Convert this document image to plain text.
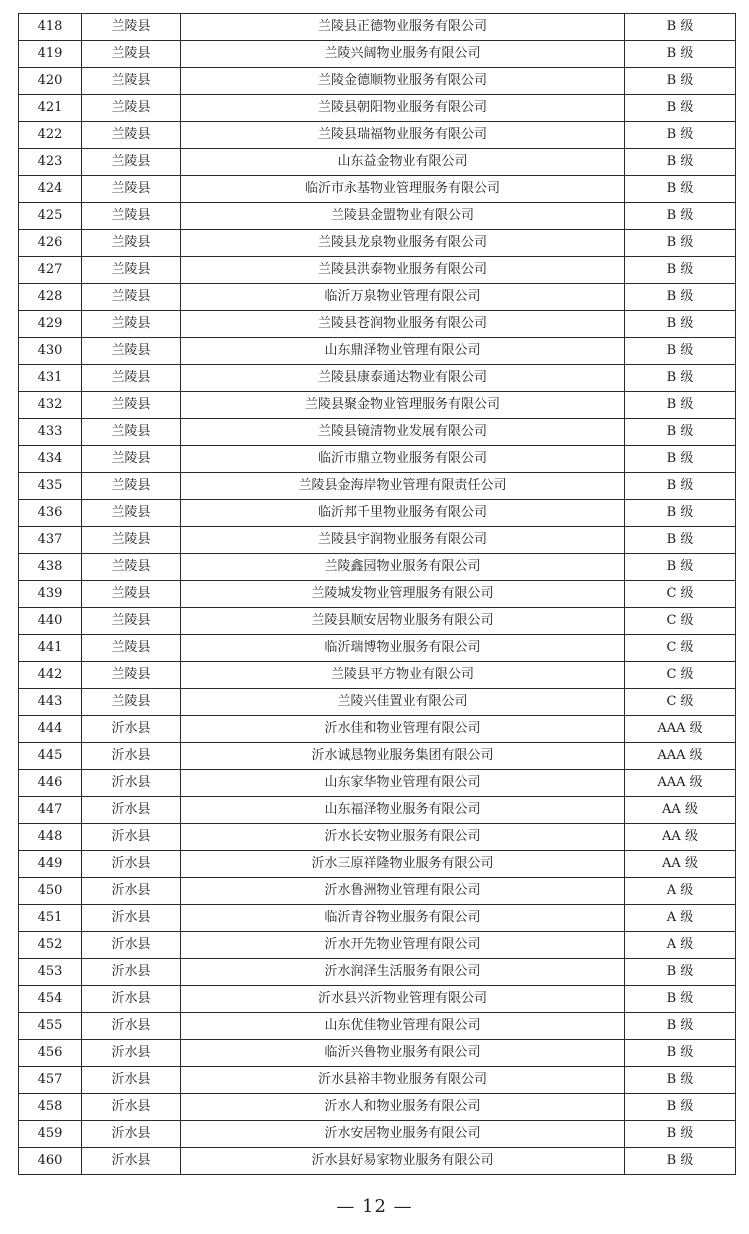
418	兰陵县	兰陵县正德物业服务有限公司	B 级
419	兰陵县	兰陵兴阔物业服务有限公司	B 级
420	兰陵县	兰陵金德顺物业服务有限公司	B 级
421	兰陵县	兰陵县朝阳物业服务有限公司	B 级
422	兰陵县	兰陵县瑞福物业服务有限公司	B 级
423	兰陵县	山东益金物业有限公司	B 级
424	兰陵县	临沂市永基物业管理服务有限公司	B 级
425	兰陵县	兰陵县金盟物业有限公司	B 级
426	兰陵县	兰陵县龙泉物业服务有限公司	B 级
427	兰陵县	兰陵县洪泰物业服务有限公司	B 级
428	兰陵县	临沂万泉物业管理有限公司	B 级
429	兰陵县	兰陵县苍润物业服务有限公司	B 级
430	兰陵县	山东鼎泽物业管理有限公司	B 级
431	兰陵县	兰陵县康泰通达物业有限公司	B 级
432	兰陵县	兰陵县聚金物业管理服务有限公司	B 级
433	兰陵县	兰陵县镜清物业发展有限公司	B 级
434	兰陵县	临沂市鼎立物业服务有限公司	B 级
435	兰陵县	兰陵县金海岸物业管理有限责任公司	B 级
436	兰陵县	临沂邦千里物业服务有限公司	B 级
437	兰陵县	兰陵县宇润物业服务有限公司	B 级
438	兰陵县	兰陵鑫园物业服务有限公司	B 级
439	兰陵县	兰陵城发物业管理服务有限公司	C 级
440	兰陵县	兰陵县顺安居物业服务有限公司	C 级
441	兰陵县	临沂瑞博物业服务有限公司	C 级
442	兰陵县	兰陵县平方物业有限公司	C 级
443	兰陵县	兰陵兴佳置业有限公司	C 级
444	沂水县	沂水佳和物业管理有限公司	AAA 级
445	沂水县	沂水诚恳物业服务集团有限公司	AAA 级
446	沂水县	山东家华物业管理有限公司	AAA 级
447	沂水县	山东福泽物业服务有限公司	AA 级
448	沂水县	沂水长安物业服务有限公司	AA 级
449	沂水县	沂水三原祥隆物业服务有限公司	AA 级
450	沂水县	沂水鲁洲物业管理有限公司	A 级
451	沂水县	临沂青谷物业服务有限公司	A 级
452	沂水县	沂水开先物业管理有限公司	A 级
453	沂水县	沂水润泽生活服务有限公司	B 级
454	沂水县	沂水县兴沂物业管理有限公司	B 级
455	沂水县	山东优佳物业管理有限公司	B 级
456	沂水县	临沂兴鲁物业服务有限公司	B 级
457	沂水县	沂水县裕丰物业服务有限公司	B 级
458	沂水县	沂水人和物业服务有限公司	B 级
459	沂水县	沂水安居物业服务有限公司	B 级
460	沂水县	沂水县好易家物业服务有限公司	B 级
— 12 —
